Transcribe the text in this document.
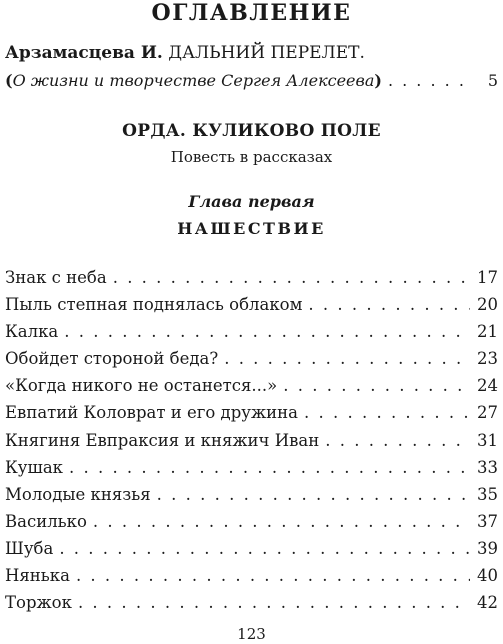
ОГЛАВЛЕНИЕ
Арзамасцева И. ДАЛЬНИЙ ПЕРЕЛЕТ.
( О жизни и творчестве Сергея Алексеева ) . . .	5
ОРДА. КУЛИКОВО ПОЛЕ
Повесть в рассказах
Глава первая
НАШЕСТВИЕ
Знак с неба . . .	17
Пыль степная поднялась облаком . . .	20
Калка . . .	21
Обойдет стороной беда? . . .	23
«Когда никого не останется...» . . .	24
Евпатий Коловрат и его дружина . . .	27
Княгиня Евпраксия и княжич Иван . . .	31
Кушак . . .	33
Молодые князья . . .	35
Василько . . .	37
Шуба . . .	39
Нянька . . .	40
Торжок . . .	42
123
